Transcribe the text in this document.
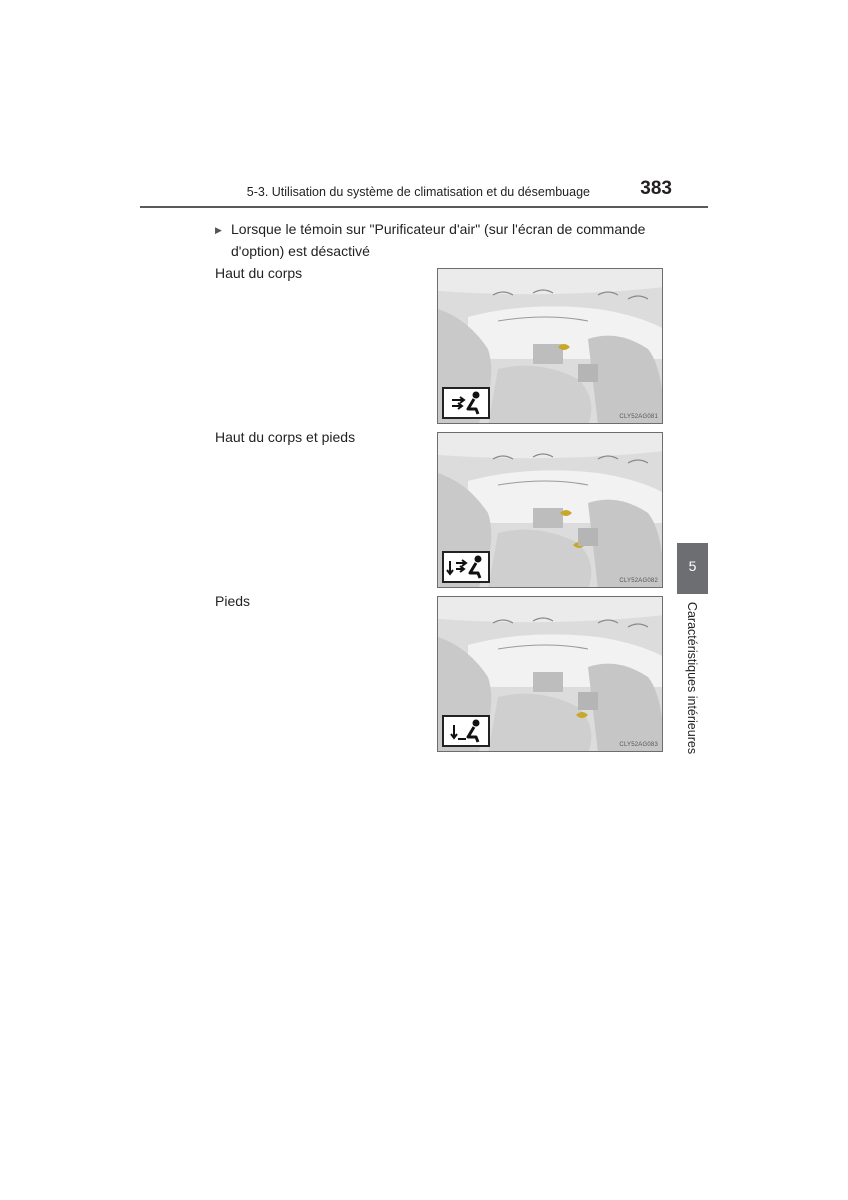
5-3. Utilisation du système de climatisation et du désembuage	383
▶ Lorsque le témoin sur "Purificateur d'air" (sur l'écran de commande
d'option) est désactivé
Haut du corps
CLY52AG081
Haut du corps et pieds
CLY52AG082
Pieds
CLY52AG083
5
Caractéristiques intérieures
